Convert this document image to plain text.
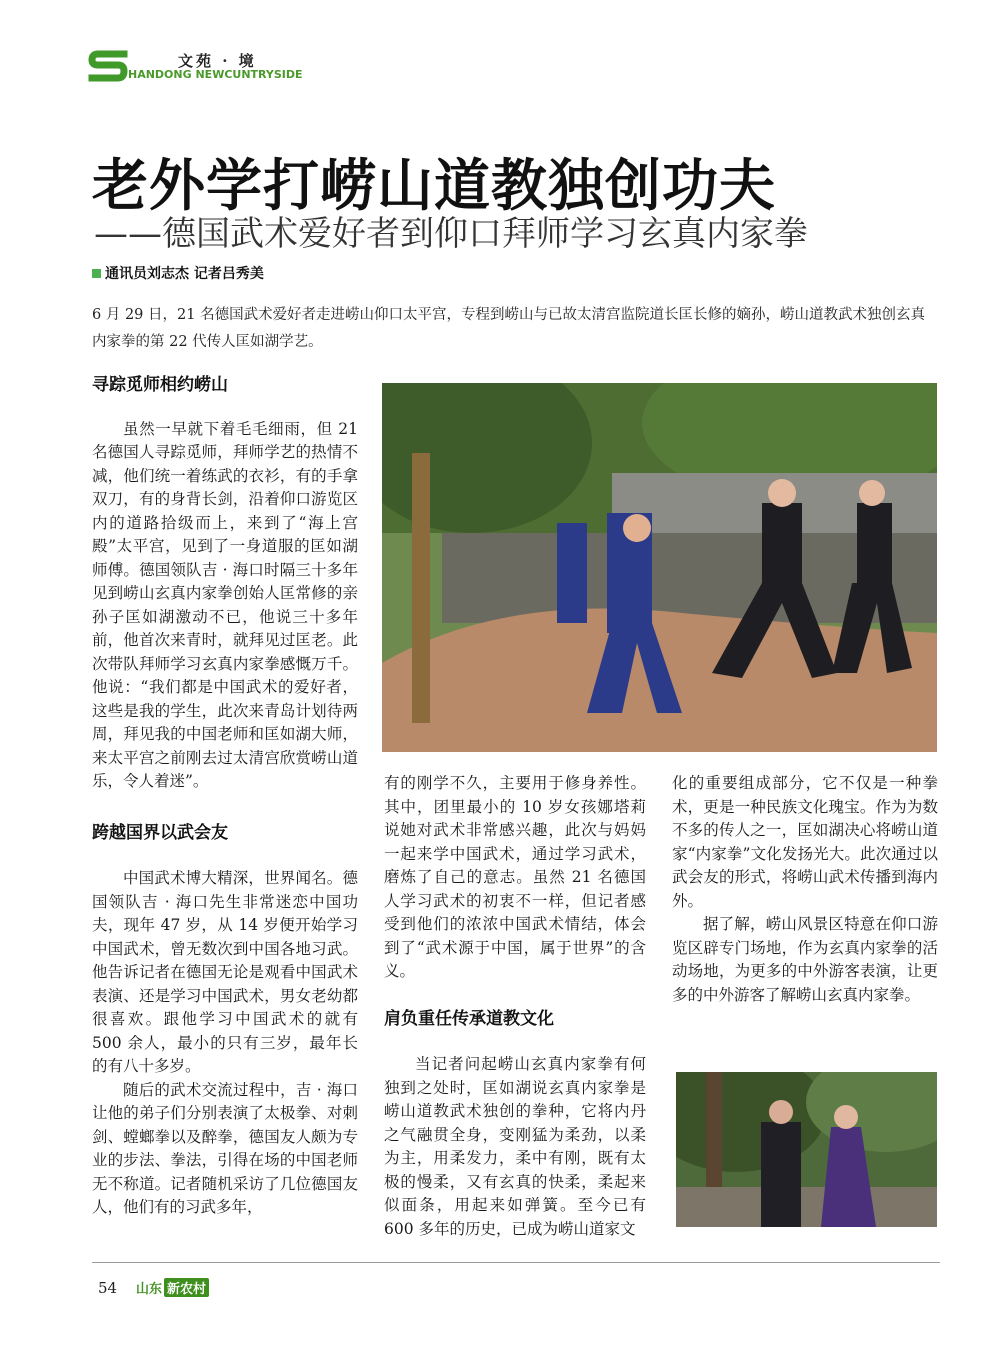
文苑 · 境
HANDONG NEWCUNTRYSIDE
老外学打崂山道教独创功夫
——德国武术爱好者到仰口拜师学习玄真内家拳
通讯员刘志杰 记者吕秀美
6 月 29 日，21 名德国武术爱好者走进崂山仰口太平宫，专程到崂山与已故太清宫监院道长匡长修的嫡孙，崂山道教武术独创玄真内家拳的第 22 代传人匡如湖学艺。
寻踪觅师相约崂山

虽然一早就下着毛毛细雨，但 21 名德国人寻踪觅师，拜师学艺的热情不减，他们统一着练武的衣衫，有的手拿双刀，有的身背长剑，沿着仰口游览区内的道路拾级而上，来到了“海上宫殿”太平宫，见到了一身道服的匡如湖师傅。德国领队吉 · 海口时隔三十多年见到崂山玄真内家拳创始人匡常修的亲孙子匡如湖激动不已，他说三十多年前，他首次来青时，就拜见过匡老。此次带队拜师学习玄真内家拳感慨万千。他说：“我们都是中国武术的爱好者，这些是我的学生，此次来青岛计划待两周，拜见我的中国老师和匡如湖大师，来太平宫之前刚去过太清宫欣赏崂山道乐，令人着迷”。

跨越国界以武会友

中国武术博大精深，世界闻名。德国领队吉 · 海口先生非常迷恋中国功夫，现年 47 岁，从 14 岁便开始学习中国武术，曾无数次到中国各地习武。他告诉记者在德国无论是观看中国武术表演、还是学习中国武术，男女老幼都很喜欢。跟他学习中国武术的就有 500 余人，最小的只有三岁，最年长的有八十多岁。

随后的武术交流过程中，吉 · 海口让他的弟子们分别表演了太极拳、对刺剑、螳螂拳以及醉拳，德国友人颇为专业的步法、拳法，引得在场的中国老师无不称道。记者随机采访了几位德国友人，他们有的习武多年，

有的刚学不久，主要用于修身养性。其中，团里最小的 10 岁女孩娜塔莉说她对武术非常感兴趣，此次与妈妈一起来学中国武术，通过学习武术，磨炼了自己的意志。虽然 21 名德国人学习武术的初衷不一样，但记者感受到他们的浓浓中国武术情结，体会到了“武术源于中国，属于世界”的含义。

肩负重任传承道教文化

当记者问起崂山玄真内家拳有何独到之处时，匡如湖说玄真内家拳是崂山道教武术独创的拳种，它将内丹之气融贯全身，变刚猛为柔劲，以柔为主，用柔发力，柔中有刚，既有太极的慢柔，又有玄真的快柔，柔起来似面条，用起来如弹簧。至今已有 600 多年的历史，已成为崂山道家文

化的重要组成部分，它不仅是一种拳术，更是一种民族文化瑰宝。作为为数不多的传人之一，匡如湖决心将崂山道家“内家拳”文化发扬光大。此次通过以武会友的形式，将崂山武术传播到海内外。

据了解，崂山风景区特意在仰口游览区辟专门场地，作为玄真内家拳的活动场地，为更多的中外游客表演，让更多的中外游客了解崂山玄真内家拳。

54 山东 新农村
